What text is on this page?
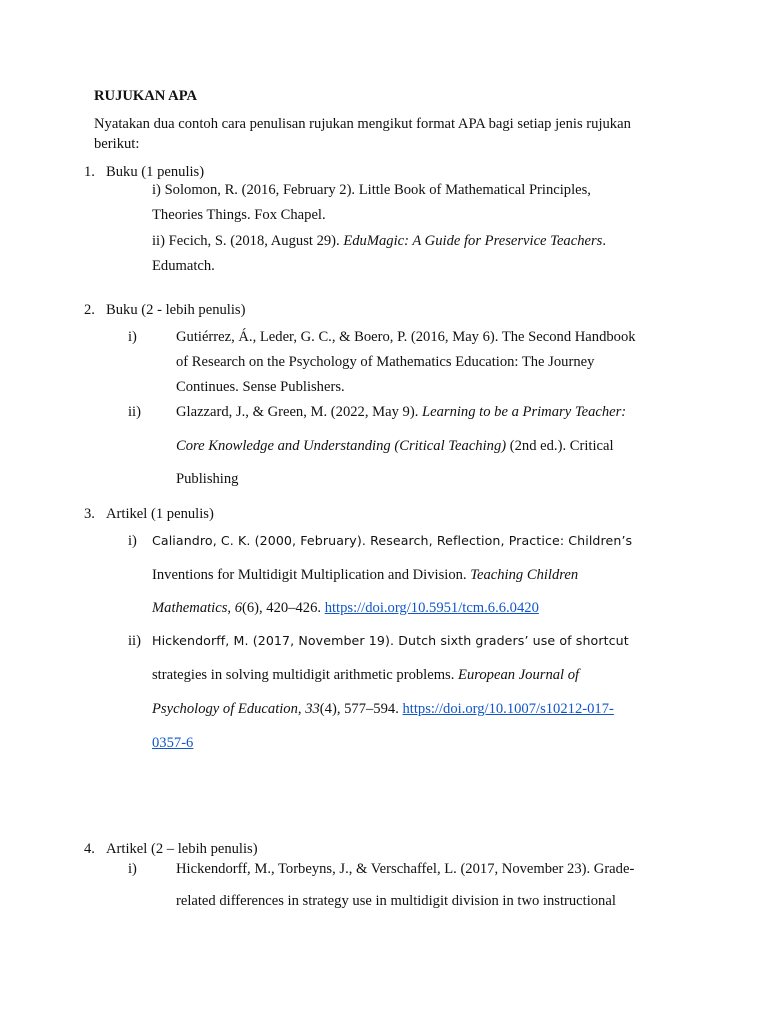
RUJUKAN APA
Nyatakan dua contoh cara penulisan rujukan mengikut format APA bagi setiap jenis rujukan
berikut:
1. Buku (1 penulis)
i) Solomon, R. (2016, February 2). Little Book of Mathematical Principles,
Theories Things. Fox Chapel.
ii) Fecich, S. (2018, August 29). EduMagic: A Guide for Preservice Teachers.
Edumatch.
2. Buku (2 - lebih penulis)
i)	Gutiérrez, Á., Leder, G. C., & Boero, P. (2016, May 6). The Second Handbook
of Research on the Psychology of Mathematics Education: The Journey
Continues. Sense Publishers.
ii) Glazzard, J., & Green, M. (2022, May 9). Learning to be a Primary Teacher:
Core Knowledge and Understanding (Critical Teaching) (2nd ed.). Critical
Publishing
3. Artikel (1 penulis)
i) Caliandro, C. K. (2000, February). Research, Reflection, Practice: Children’s
Inventions for Multidigit Multiplication and Division. Teaching Children
Mathematics, 6(6), 420–426. https://doi.org/10.5951/tcm.6.6.0420
ii) Hickendorff, M. (2017, November 19). Dutch sixth graders’ use of shortcut
strategies in solving multidigit arithmetic problems. European Journal of
Psychology of Education, 33(4), 577–594. https://doi.org/10.1007/s10212-017-
0357-6
4. Artikel (2 – lebih penulis)
i)	Hickendorff, M., Torbeyns, J., & Verschaffel, L. (2017, November 23). Grade-
related differences in strategy use in multidigit division in two instructional
